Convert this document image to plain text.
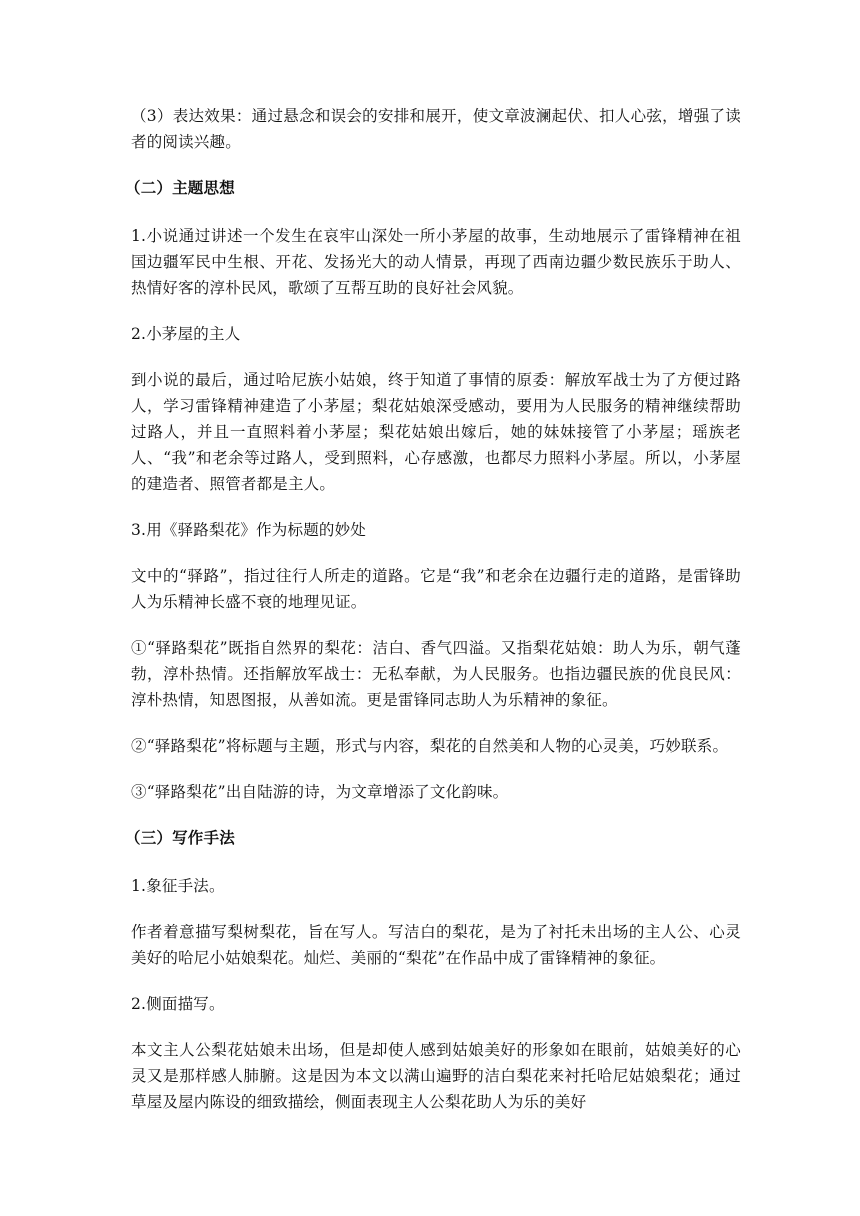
（3）表达效果：通过悬念和误会的安排和展开，使文章波澜起伏、扣人心弦，增强了读者的阅读兴趣。

（二）主题思想

1.小说通过讲述一个发生在哀牢山深处一所小茅屋的故事，生动地展示了雷锋精神在祖国边疆军民中生根、开花、发扬光大的动人情景，再现了西南边疆少数民族乐于助人、热情好客的淳朴民风，歌颂了互帮互助的良好社会风貌。

2.小茅屋的主人

到小说的最后，通过哈尼族小姑娘，终于知道了事情的原委：解放军战士为了方便过路人，学习雷锋精神建造了小茅屋；梨花姑娘深受感动，要用为人民服务的精神继续帮助过路人，并且一直照料着小茅屋；梨花姑娘出嫁后，她的妹妹接管了小茅屋；瑶族老人、“我”和老余等过路人，受到照料，心存感激，也都尽力照料小茅屋。所以，小茅屋的建造者、照管者都是主人。

3.用《驿路梨花》作为标题的妙处

文中的“驿路”，指过往行人所走的道路。它是“我”和老余在边疆行走的道路，是雷锋助人为乐精神长盛不衰的地理见证。

①“驿路梨花”既指自然界的梨花：洁白、香气四溢。又指梨花姑娘：助人为乐，朝气蓬勃，淳朴热情。还指解放军战士：无私奉献，为人民服务。也指边疆民族的优良民风：淳朴热情，知恩图报，从善如流。更是雷锋同志助人为乐精神的象征。

②“驿路梨花”将标题与主题，形式与内容，梨花的自然美和人物的心灵美，巧妙联系。

③“驿路梨花”出自陆游的诗，为文章增添了文化韵味。

（三）写作手法

1.象征手法。

作者着意描写梨树梨花，旨在写人。写洁白的梨花，是为了衬托未出场的主人公、心灵美好的哈尼小姑娘梨花。灿烂、美丽的“梨花”在作品中成了雷锋精神的象征。

2.侧面描写。

本文主人公梨花姑娘未出场，但是却使人感到姑娘美好的形象如在眼前，姑娘美好的心灵又是那样感人肺腑。这是因为本文以满山遍野的洁白梨花来衬托哈尼姑娘梨花；通过草屋及屋内陈设的细致描绘，侧面表现主人公梨花助人为乐的美好
